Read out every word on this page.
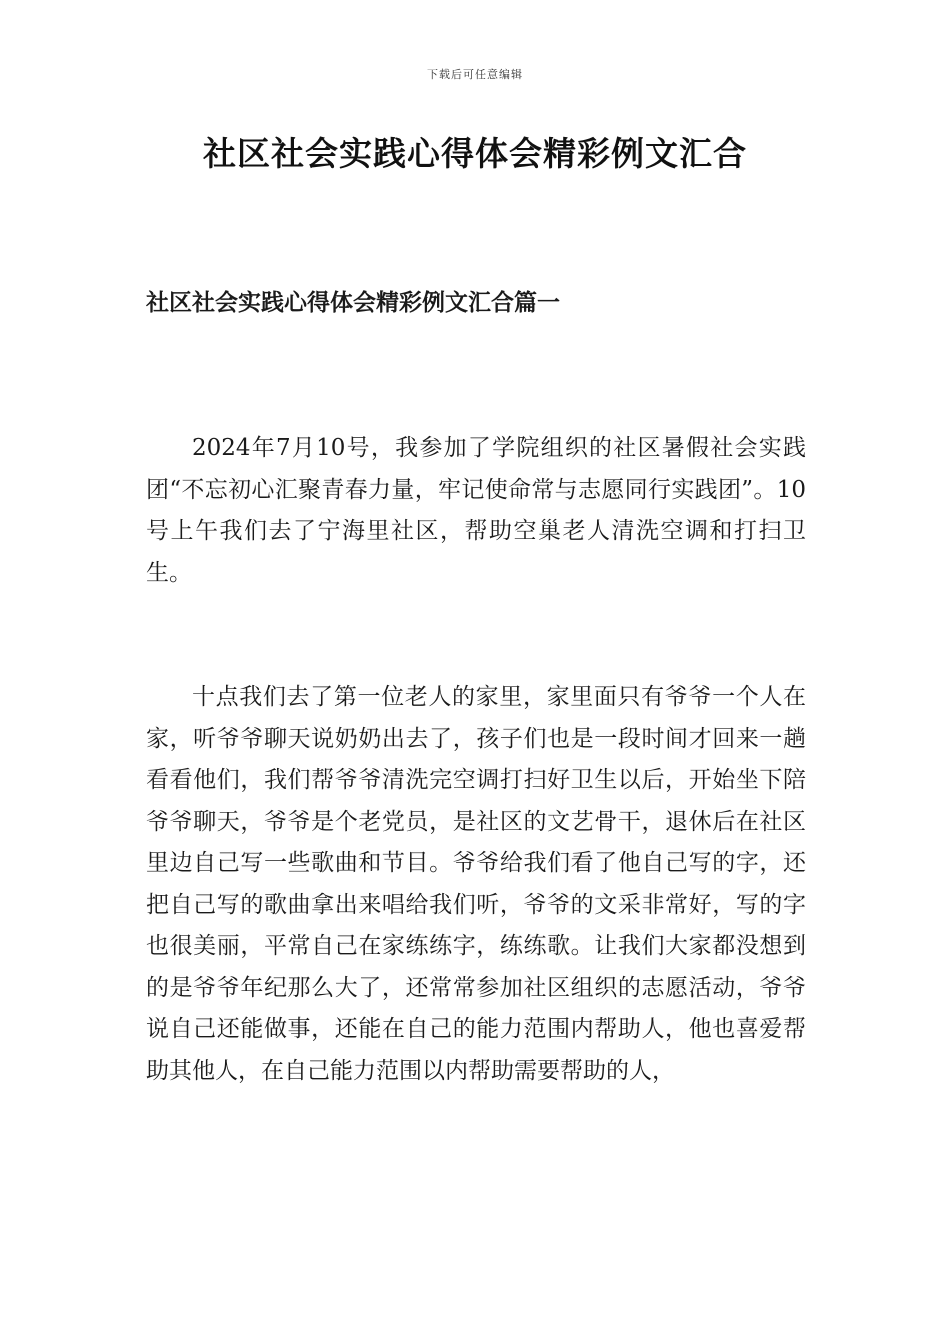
下载后可任意编辑
社区社会实践心得体会精彩例文汇合
社区社会实践心得体会精彩例文汇合篇一

2024年7月10号，我参加了学院组织的社区暑假社会实践团“不忘初心汇聚青春力量，牢记使命常与志愿同行实践团”。10号上午我们去了宁海里社区，帮助空巢老人清洗空调和打扫卫生。

十点我们去了第一位老人的家里，家里面只有爷爷一个人在家，听爷爷聊天说奶奶出去了，孩子们也是一段时间才回来一趟看看他们，我们帮爷爷清洗完空调打扫好卫生以后，开始坐下陪爷爷聊天，爷爷是个老党员，是社区的文艺骨干，退休后在社区里边自己写一些歌曲和节目。爷爷给我们看了他自己写的字，还把自己写的歌曲拿出来唱给我们听，爷爷的文采非常好，写的字也很美丽，平常自己在家练练字，练练歌。让我们大家都没想到的是爷爷年纪那么大了，还常常参加社区组织的志愿活动，爷爷说自己还能做事，还能在自己的能力范围内帮助人，他也喜爱帮助其他人，在自己能力范围以内帮助需要帮助的人，
